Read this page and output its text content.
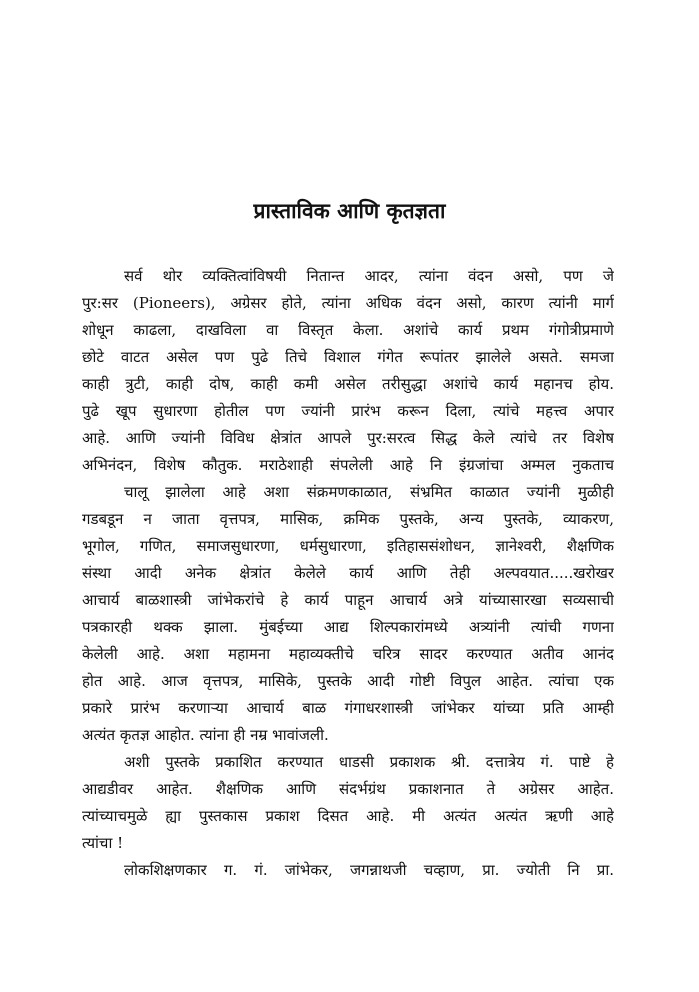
प्रास्ताविक आणि कृतज्ञता
सर्व थोर व्यक्तित्वांविषयी नितान्त आदर, त्यांना वंदन असो, पण जे
पुर:सर (Pioneers), अग्रेसर होते, त्यांना अधिक वंदन असो, कारण त्यांनी मार्ग
शोधून काढला, दाखविला वा विस्तृत केला. अशांचे कार्य प्रथम गंगोत्रीप्रमाणे
छोटे वाटत असेल पण पुढे तिचे विशाल गंगेत रूपांतर झालेले असते. समजा
काही त्रुटी, काही दोष, काही कमी असेल तरीसुद्धा अशांचे कार्य महानच होय.
पुढे खूप सुधारणा होतील पण ज्यांनी प्रारंभ करून दिला, त्यांचे महत्त्व अपार
आहे. आणि ज्यांनी विविध क्षेत्रांत आपले पुर:सरत्व सिद्ध केले त्यांचे तर विशेष
अभिनंदन, विशेष कौतुक. मराठेशाही संपलेली आहे नि इंग्रजांचा अम्मल नुकताच
चालू झालेला आहे अशा संक्रमणकाळात, संभ्रमित काळात ज्यांनी मुळीही
गडबडून न जाता वृत्तपत्र, मासिक, क्रमिक पुस्तके, अन्य पुस्तके, व्याकरण,
भूगोल, गणित, समाजसुधारणा, धर्मसुधारणा, इतिहाससंशोधन, ज्ञानेश्वरी, शैक्षणिक
संस्था आदी अनेक क्षेत्रांत केलेले कार्य आणि तेही अल्पवयात.....खरोखर
आचार्य बाळशास्त्री जांभेकरांचे हे कार्य पाहून आचार्य अत्रे यांच्यासारखा सव्यसाची
पत्रकारही थक्क झाला. मुंबईच्या आद्य शिल्पकारांमध्ये अत्र्यांनी त्यांची गणना
केलेली आहे. अशा महामना महाव्यक्तीचे चरित्र सादर करण्यात अतीव आनंद
होत आहे. आज वृत्तपत्र, मासिके, पुस्तके आदी गोष्टी विपुल आहेत. त्यांचा एक
प्रकारे प्रारंभ करणाऱ्या आचार्य बाळ गंगाधरशास्त्री जांभेकर यांच्या प्रति आम्ही
अत्यंत कृतज्ञ आहोत. त्यांना ही नम्र भावांजली.
अशी पुस्तके प्रकाशित करण्यात धाडसी प्रकाशक श्री. दत्तात्रेय गं. पाष्टे हे
आद्यडीवर आहेत. शैक्षणिक आणि संदर्भग्रंथ प्रकाशनात ते अग्रेसर आहेत.
त्यांच्याचमुळे ह्या पुस्तकास प्रकाश दिसत आहे. मी अत्यंत अत्यंत ऋणी आहे
त्यांचा !
लोकशिक्षणकार ग. गं. जांभेकर, जगन्नाथजी चव्हाण, प्रा. ज्योती नि प्रा.
